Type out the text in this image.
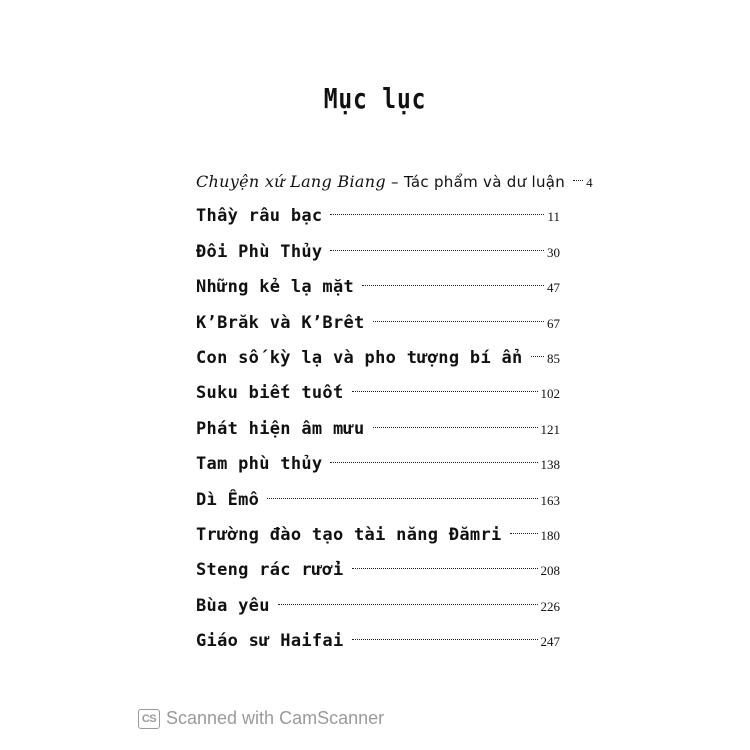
Mục lục
Chuyện xứ Lang Biang – Tác phẩm và dư luận 4
Thầy râu bạc	11
Đôi Phù Thủy	30
Những kẻ lạ mặt	47
K’Brăk và K’Brêt	67
Con số kỳ lạ và pho tượng bí ẩn 85
Suku biết tuốt	102
Phát hiện âm mưu	121
Tam phù thủy	138
Dì Êmô	163
Trường đào tạo tài năng Đămri	180
Steng rác rưởi	208
Bùa yêu	226
Giáo sư Haifai	247
CS Scanned with CamScanner
